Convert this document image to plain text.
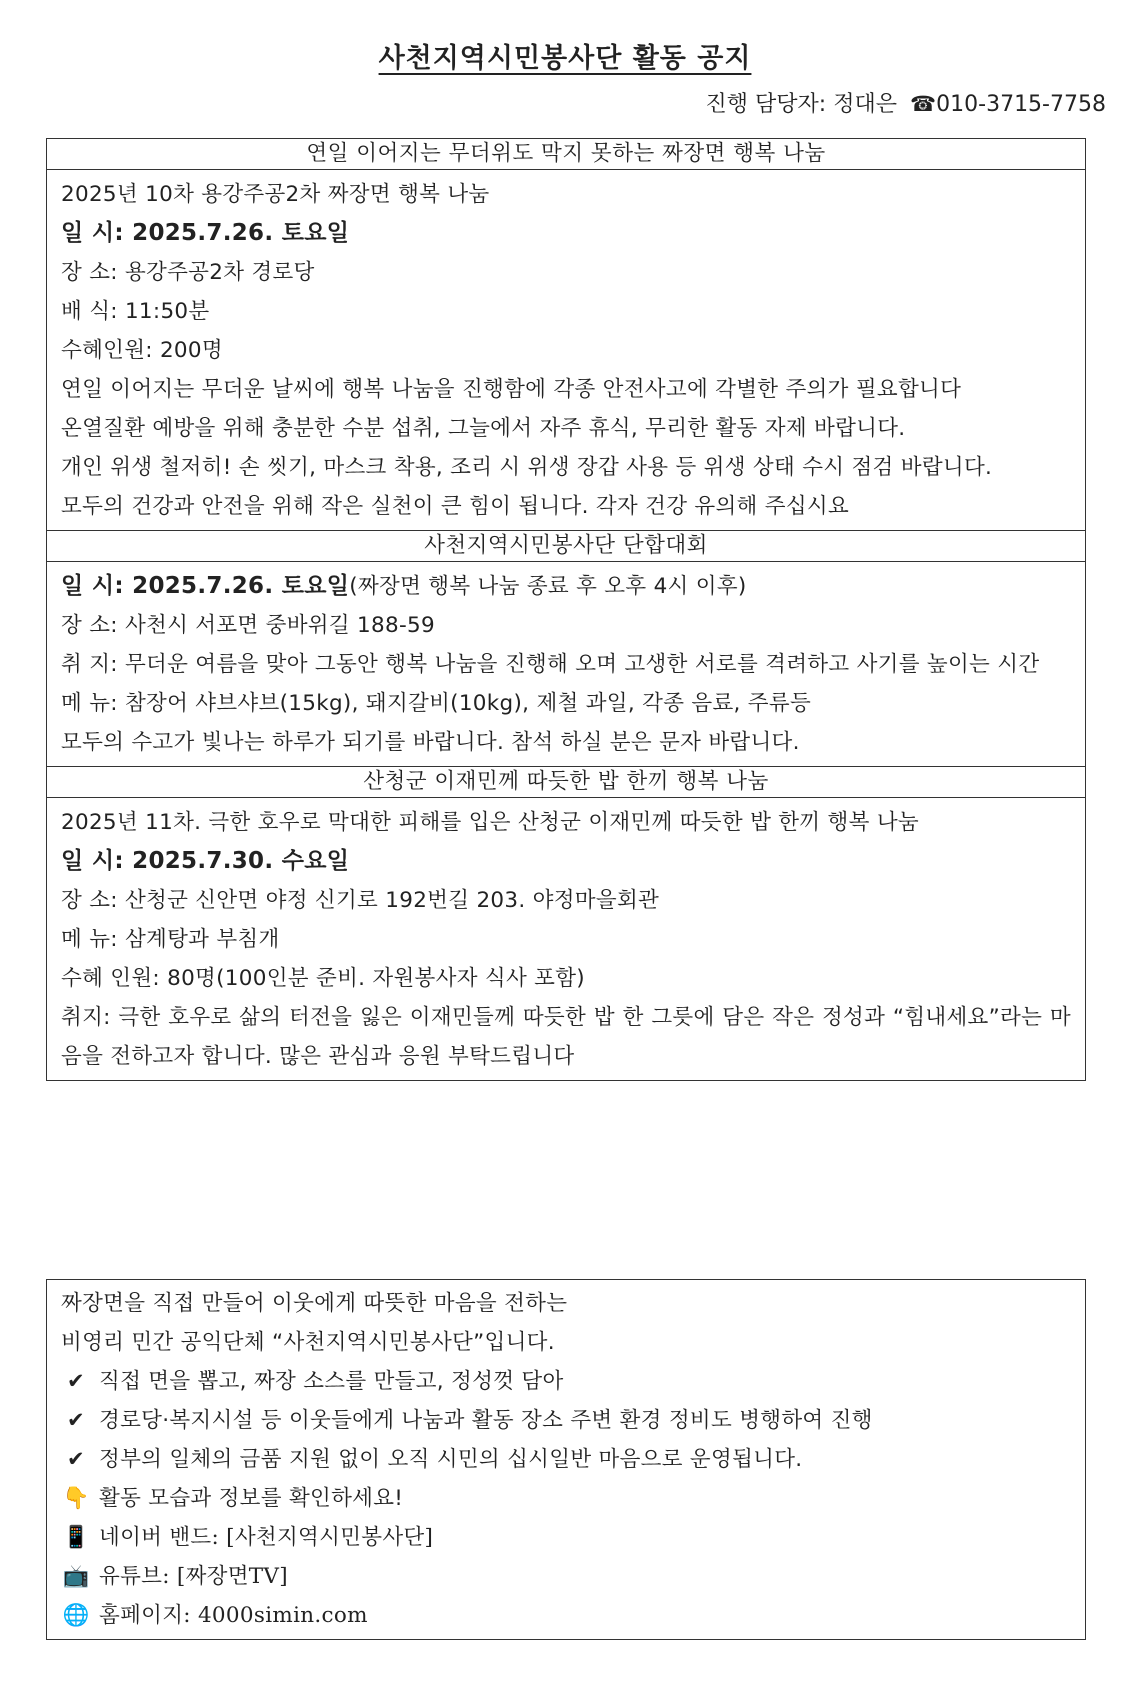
사천지역시민봉사단 활동 공지
진행 담당자: 정대은 ☎010-3715-7758
연일 이어지는 무더위도 막지 못하는 짜장면 행복 나눔
2025년 10차 용강주공2차 짜장면 행복 나눔
일 시: 2025.7.26. 토요일
장 소: 용강주공2차 경로당
배 식: 11:50분
수혜인원: 200명
연일 이어지는 무더운 날씨에 행복 나눔을 진행함에 각종 안전사고에 각별한 주의가 필요합니다
온열질환 예방을 위해 충분한 수분 섭취, 그늘에서 자주 휴식, 무리한 활동 자제 바랍니다.
개인 위생 철저히! 손 씻기, 마스크 착용, 조리 시 위생 장갑 사용 등 위생 상태 수시 점검 바랍니다.
모두의 건강과 안전을 위해 작은 실천이 큰 힘이 됩니다. 각자 건강 유의해 주십시요
사천지역시민봉사단 단합대회
일 시: 2025.7.26. 토요일(짜장면 행복 나눔 종료 후 오후 4시 이후)
장 소: 사천시 서포면 중바위길 188-59
취 지: 무더운 여름을 맞아 그동안 행복 나눔을 진행해 오며 고생한 서로를 격려하고 사기를 높이는 시간
메 뉴: 참장어 샤브샤브(15kg), 돼지갈비(10kg), 제철 과일, 각종 음료, 주류등
모두의 수고가 빛나는 하루가 되기를 바랍니다. 참석 하실 분은 문자 바랍니다.
산청군 이재민께 따듯한 밥 한끼 행복 나눔
2025년 11차. 극한 호우로 막대한 피해를 입은 산청군 이재민께 따듯한 밥 한끼 행복 나눔
일 시: 2025.7.30. 수요일
장 소: 산청군 신안면 야정 신기로 192번길 203. 야정마을회관
메 뉴: 삼계탕과 부침개
수혜 인원: 80명(100인분 준비. 자원봉사자 식사 포함)
취지: 극한 호우로 삶의 터전을 잃은 이재민들께 따듯한 밥 한 그릇에 담은 작은 정성과 “힘내세요”라는 마음을 전하고자 합니다. 많은 관심과 응원 부탁드립니다
짜장면을 직접 만들어 이웃에게 따뜻한 마음을 전하는
비영리 민간 공익단체 “사천지역시민봉사단”입니다.
✔ 직접 면을 뽑고, 짜장 소스를 만들고, 정성껏 담아
✔ 경로당·복지시설 등 이웃들에게 나눔과 활동 장소 주변 환경 정비도 병행하여 진행
✔ 정부의 일체의 금품 지원 없이 오직 시민의 십시일반 마음으로 운영됩니다.
👇 활동 모습과 정보를 확인하세요!
📱 네이버 밴드: [사천지역시민봉사단]
📺 유튜브: [짜장면TV]
🌐 홈페이지: 4000simin.com
